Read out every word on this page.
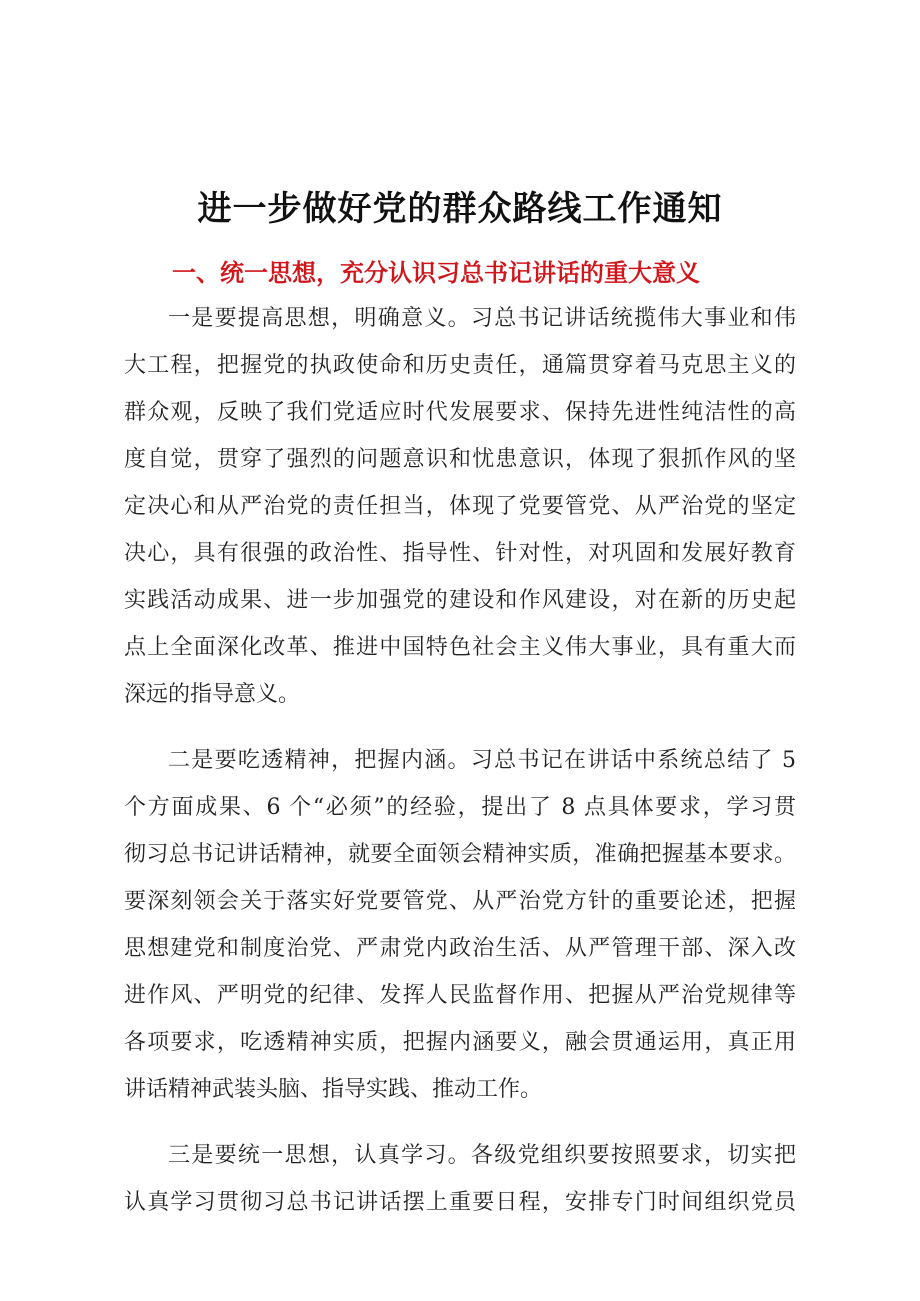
进一步做好党的群众路线工作通知
一、统一思想，充分认识习总书记讲话的重大意义
一是要提高思想，明确意义。习总书记讲话统揽伟大事业和伟
大工程，把握党的执政使命和历史责任，通篇贯穿着马克思主义的
群众观，反映了我们党适应时代发展要求、保持先进性纯洁性的高
度自觉，贯穿了强烈的问题意识和忧患意识，体现了狠抓作风的坚
定决心和从严治党的责任担当，体现了党要管党、从严治党的坚定
决心，具有很强的政治性、指导性、针对性，对巩固和发展好教育
实践活动成果、进一步加强党的建设和作风建设，对在新的历史起
点上全面深化改革、推进中国特色社会主义伟大事业，具有重大而
深远的指导意义。
二是要吃透精神，把握内涵。习总书记在讲话中系统总结了 5
个方面成果、6 个“必须”的经验，提出了 8 点具体要求，学习贯
彻习总书记讲话精神，就要全面领会精神实质，准确把握基本要求。
要深刻领会关于落实好党要管党、从严治党方针的重要论述，把握
思想建党和制度治党、严肃党内政治生活、从严管理干部、深入改
进作风、严明党的纪律、发挥人民监督作用、把握从严治党规律等
各项要求，吃透精神实质，把握内涵要义，融会贯通运用，真正用
讲话精神武装头脑、指导实践、推动工作。
三是要统一思想，认真学习。各级党组织要按照要求，切实把
认真学习贯彻习总书记讲话摆上重要日程，安排专门时间组织党员
